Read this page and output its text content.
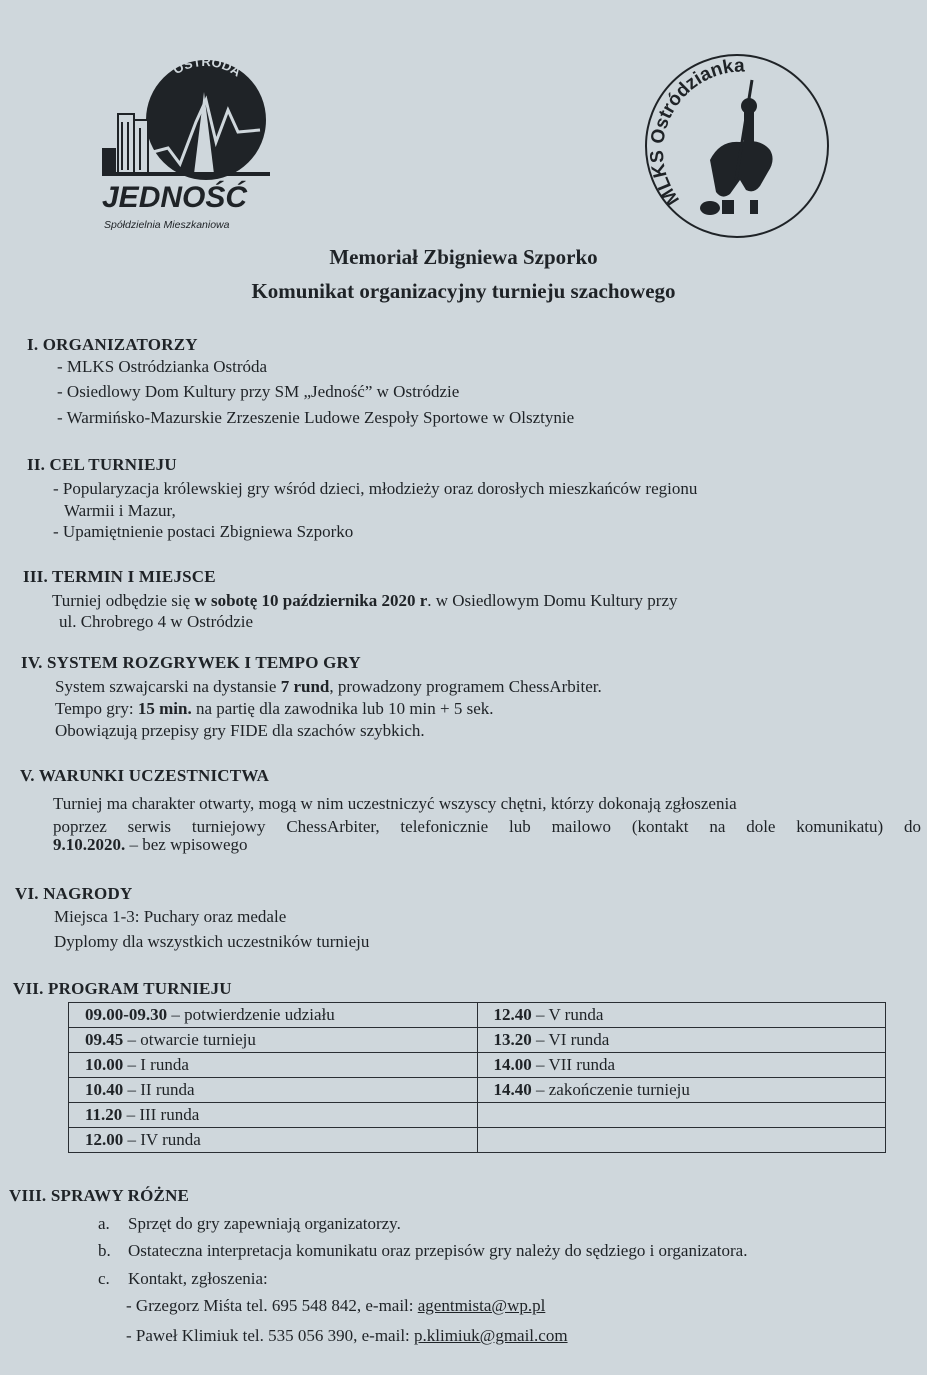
OSTRÓDA
JEDNOŚĆ
Spółdzielnia Mieszkaniowa
MLKS Ostródzianka
Memoriał Zbigniewa Szporko
Komunikat organizacyjny turnieju szachowego
I. ORGANIZATORZY
- MLKS Ostródzianka Ostróda
- Osiedlowy Dom Kultury przy SM „Jedność” w Ostródzie
- Warmińsko-Mazurskie Zrzeszenie Ludowe Zespoły Sportowe w Olsztynie
II. CEL TURNIEJU
- Popularyzacja królewskiej gry wśród dzieci, młodzieży oraz dorosłych mieszkańców regionu
Warmii i Mazur,
- Upamiętnienie postaci Zbigniewa Szporko
III. TERMIN I MIEJSCE
Turniej odbędzie się w sobotę 10 października 2020 r. w Osiedlowym Domu Kultury przy
ul. Chrobrego 4 w Ostródzie
IV. SYSTEM ROZGRYWEK I TEMPO GRY
System szwajcarski na dystansie 7 rund, prowadzony programem ChessArbiter.
Tempo gry: 15 min. na partię dla zawodnika lub 10 min + 5 sek.
Obowiązują przepisy gry FIDE dla szachów szybkich.
V. WARUNKI UCZESTNICTWA
Turniej ma charakter otwarty, mogą w nim uczestniczyć wszyscy chętni, którzy dokonają zgłoszenia
poprzez serwis turniejowy ChessArbiter, telefonicznie lub mailowo (kontakt na dole komunikatu) do
9.10.2020. – bez wpisowego
VI. NAGRODY
Miejsca 1-3: Puchary oraz medale
Dyplomy dla wszystkich uczestników turnieju
VII. PROGRAM TURNIEJU
09.00-09.30 – potwierdzenie udziału	12.40 – V runda
09.45 – otwarcie turnieju	13.20 – VI runda
10.00 – I runda	14.00 – VII runda
10.40 – II runda	14.40 – zakończenie turnieju
11.20 – III runda	
12.00 – IV runda	
VIII. SPRAWY RÓŻNE
a. Sprzęt do gry zapewniają organizatorzy.
b. Ostateczna interpretacja komunikatu oraz przepisów gry należy do sędziego i organizatora.
c. Kontakt, zgłoszenia:
- Grzegorz Miśta tel. 695 548 842, e-mail: agentmista@wp.pl
- Paweł Klimiuk tel. 535 056 390, e-mail: p.klimiuk@gmail.com
